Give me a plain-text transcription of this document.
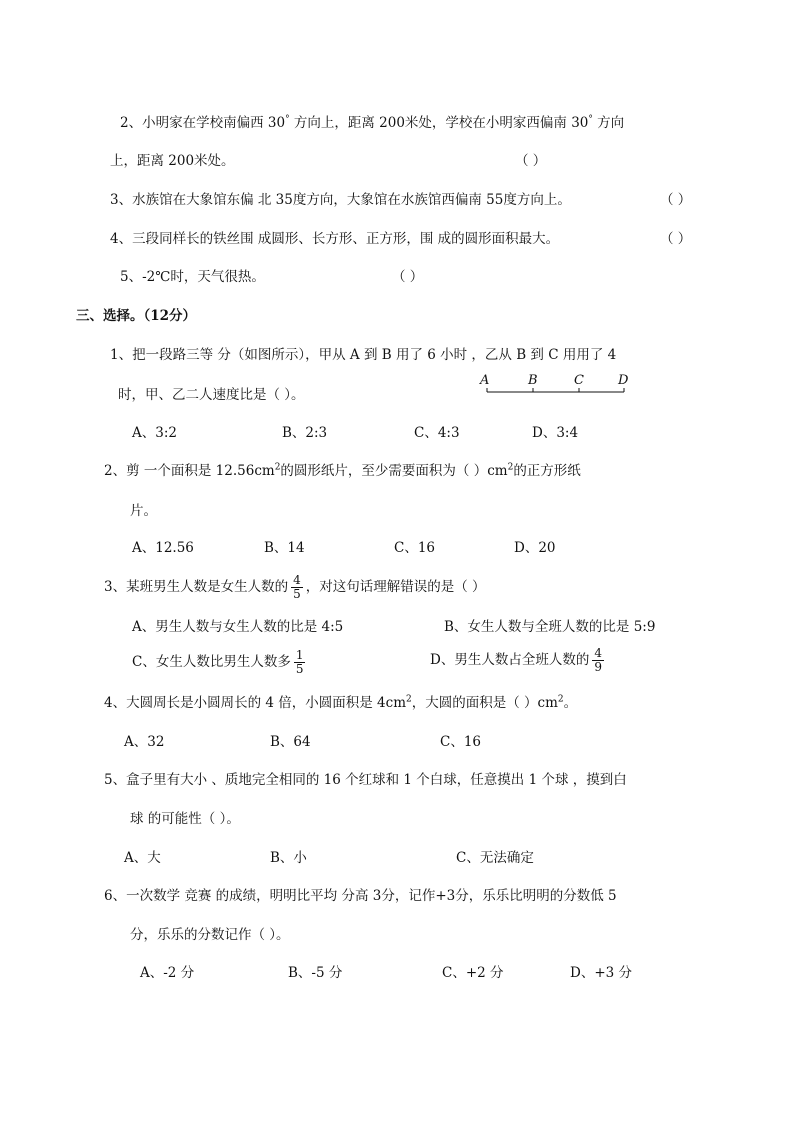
2、小明家在学校南偏西 30° 方向上，距离 200米处，学校在小明家西偏南 30° 方向
上，距离 200米处。	（ ）
3、水族馆在大象馆东偏 北 35度方向，大象馆在水族馆西偏南 55度方向上。	（ ）
4、三段同样长的铁丝围 成圆形、长方形、正方形，围 成的圆形面积最大。	（ ）
5、-2℃时，天气很热。	（ ）
三、选择。（12分）
1、把一段路三等 分（如图所示），甲从 A 到 B 用了 6 小时 ，乙从 B 到 C 用用了 4
时，甲、乙二人速度比是（ ）。
A	B	C	D
A、3:2	B、2:3	C、4:3	D、3:4
2、剪 一个面积是 $12.56cm^2$的圆形纸片，至少需要面积为（ ）$cm^2$的正方形纸
片。
A、12.56	B、14	C、16	D、20
3、某班男生人数是女生人数的 $\frac{4}{5}$ ，对这句话理解错误的是（ ）
A、男生人数与女生人数的比是 4:5	B、女生人数与全班人数的比是 5:9
C、女生人数比男生人数多 $\frac{1}{5}$	D、男生人数占全班人数的 $\frac{4}{9}$
4、大圆周长是小圆周长的 4 倍，小圆面积是 $4cm^2$，大圆的面积是（ ）$cm^2$。
A、32	B、64	C、16
5、盒子里有大小 、质地完全相同的 16 个红球和 1 个白球，任意摸出 1 个球 ，摸到白
球 的可能性（ ）。
A、大	B、小	C、无法确定
6、一次数学 竞赛 的成绩，明明比平均 分高 3分，记作+3分，乐乐比明明的分数低 5
分，乐乐的分数记作（ ）。
A、-2 分	B、-5 分	C、+2 分	D、+3 分
